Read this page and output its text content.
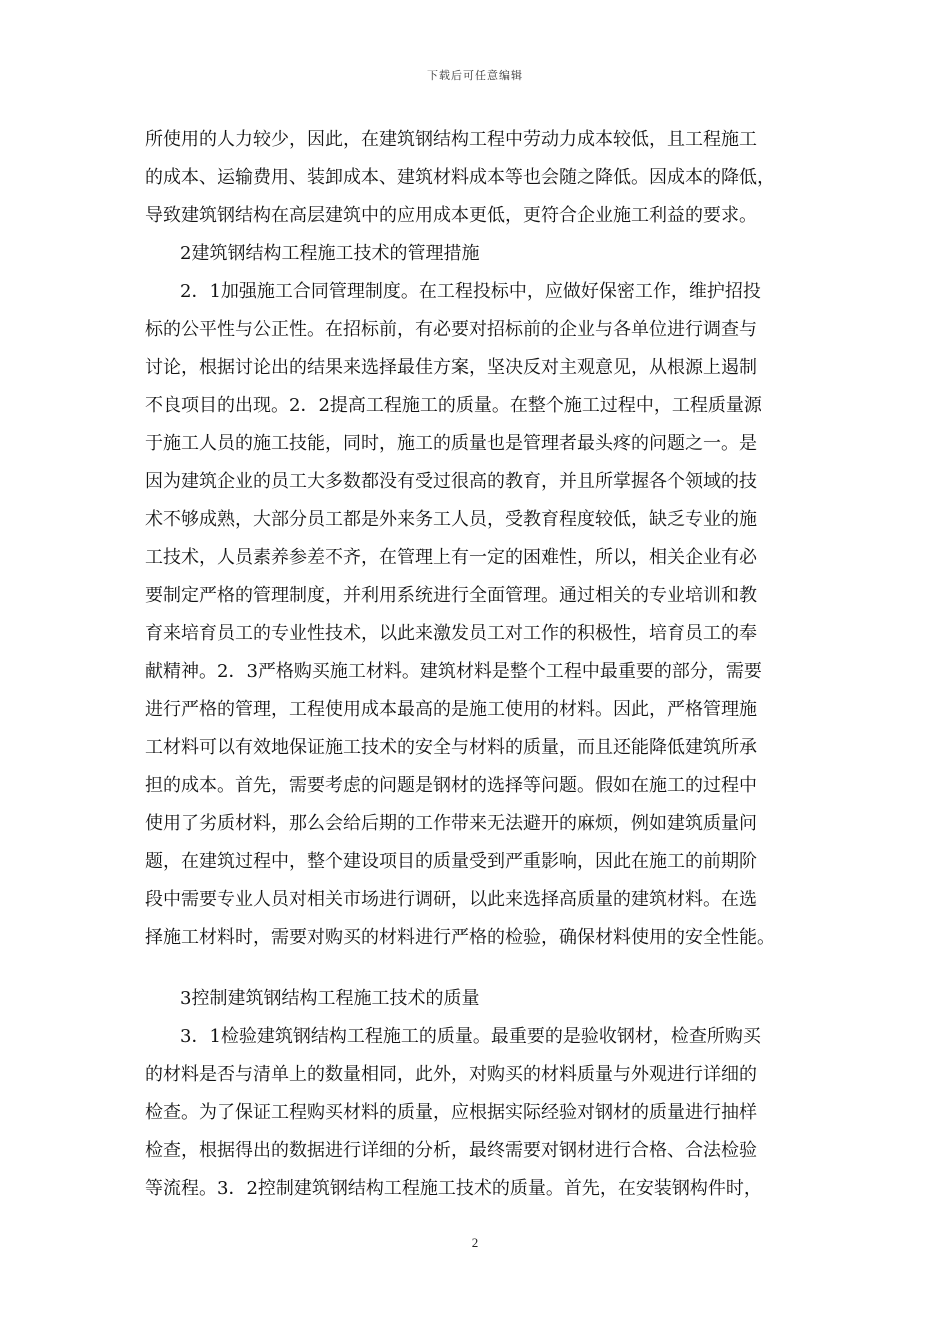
下载后可任意编辑
所使用的人力较少，因此，在建筑钢结构工程中劳动力成本较低，且工程施工
的成本、运输费用、装卸成本、建筑材料成本等也会随之降低。因成本的降低，
导致建筑钢结构在高层建筑中的应用成本更低，更符合企业施工利益的要求。
2建筑钢结构工程施工技术的管理措施
2．1加强施工合同管理制度。在工程投标中，应做好保密工作，维护招投
标的公平性与公正性。在招标前，有必要对招标前的企业与各单位进行调查与
讨论，根据讨论出的结果来选择最佳方案，坚决反对主观意见，从根源上遏制
不良项目的出现。2．2提高工程施工的质量。在整个施工过程中，工程质量源
于施工人员的施工技能，同时，施工的质量也是管理者最头疼的问题之一。是
因为建筑企业的员工大多数都没有受过很高的教育，并且所掌握各个领域的技
术不够成熟，大部分员工都是外来务工人员，受教育程度较低，缺乏专业的施
工技术，人员素养参差不齐，在管理上有一定的困难性，所以，相关企业有必
要制定严格的管理制度，并利用系统进行全面管理。通过相关的专业培训和教
育来培育员工的专业性技术，以此来激发员工对工作的积极性，培育员工的奉
献精神。2．3严格购买施工材料。建筑材料是整个工程中最重要的部分，需要
进行严格的管理，工程使用成本最高的是施工使用的材料。因此，严格管理施
工材料可以有效地保证施工技术的安全与材料的质量，而且还能降低建筑所承
担的成本。首先，需要考虑的问题是钢材的选择等问题。假如在施工的过程中
使用了劣质材料，那么会给后期的工作带来无法避开的麻烦，例如建筑质量问
题，在建筑过程中，整个建设项目的质量受到严重影响，因此在施工的前期阶
段中需要专业人员对相关市场进行调研，以此来选择高质量的建筑材料。在选
择施工材料时，需要对购买的材料进行严格的检验，确保材料使用的安全性能。
3控制建筑钢结构工程施工技术的质量
3．1检验建筑钢结构工程施工的质量。最重要的是验收钢材，检查所购买
的材料是否与清单上的数量相同，此外，对购买的材料质量与外观进行详细的
检查。为了保证工程购买材料的质量，应根据实际经验对钢材的质量进行抽样
检查，根据得出的数据进行详细的分析，最终需要对钢材进行合格、合法检验
等流程。3．2控制建筑钢结构工程施工技术的质量。首先，在安装钢构件时，
2
